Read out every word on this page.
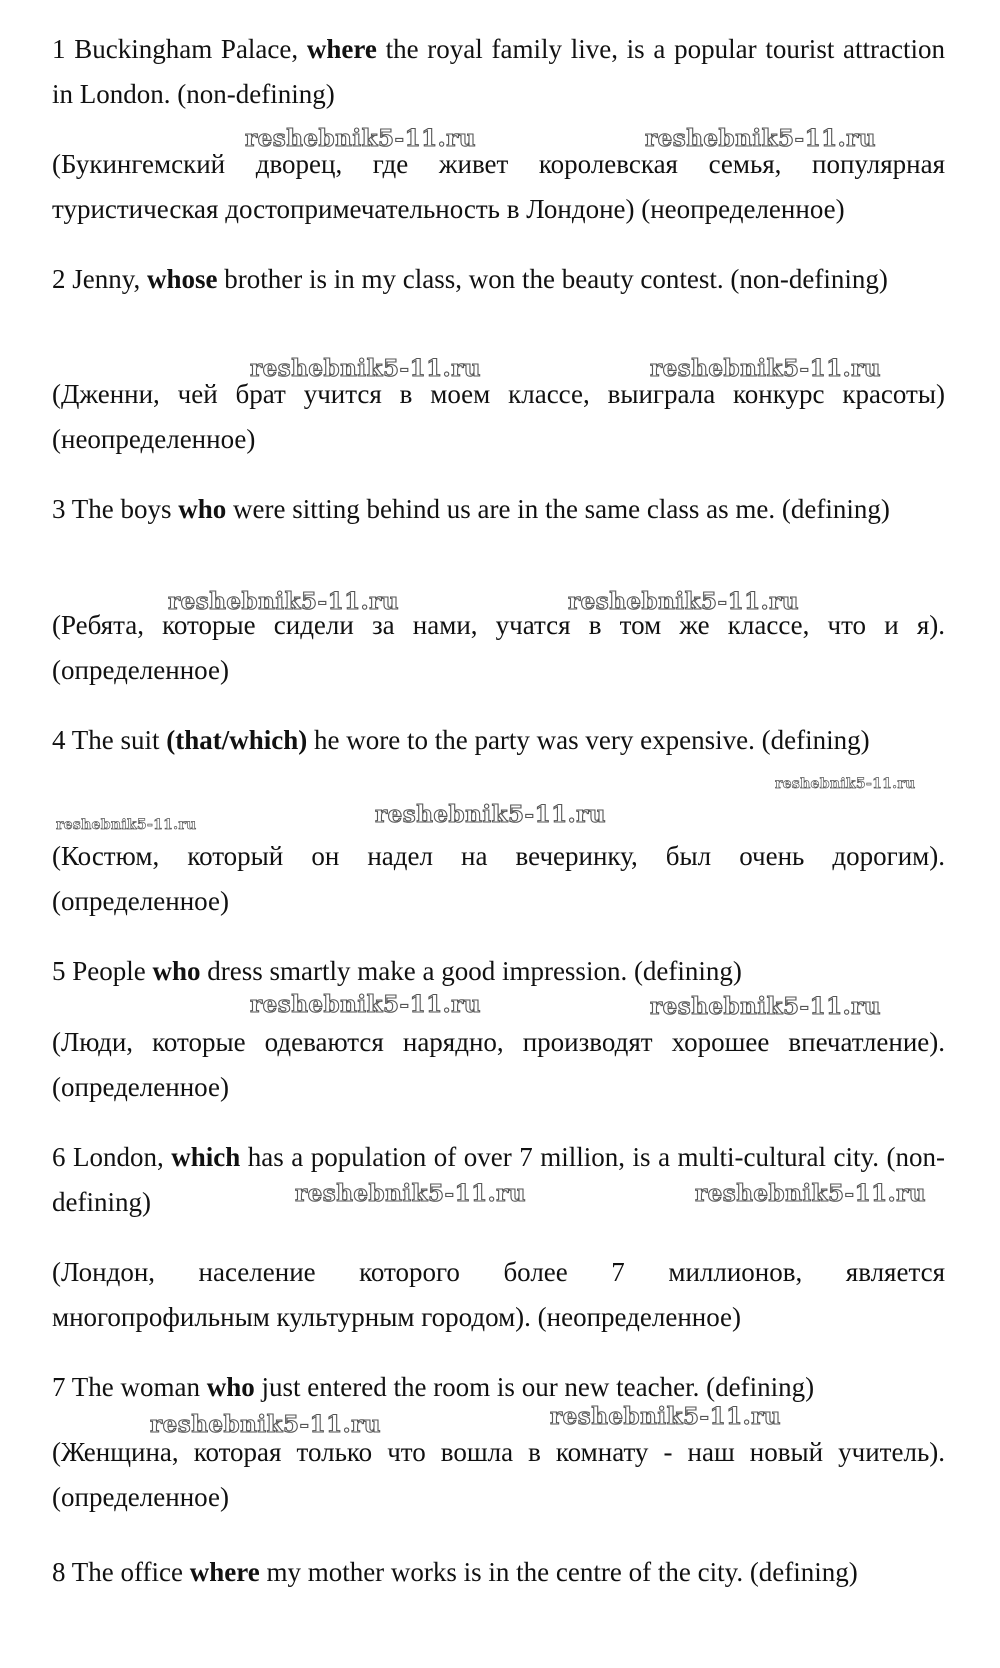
1 Buckingham Palace, where the royal family live, is a popular tourist attraction in London. (non-defining)

reshebnik5-11.ru	reshebnik5-11.ru

(Букингемский дворец, где живет королевская семья, популярная туристическая достопримечательность в Лондоне) (неопределенное)

2 Jenny, whose brother is in my class, won the beauty contest. (non-defining)

reshebnik5-11.ru	reshebnik5-11.ru

(Дженни, чей брат учится в моем классе, выиграла конкурс красоты) (неопределенное)

3 The boys who were sitting behind us are in the same class as me. (defining)

reshebnik5-11.ru	reshebnik5-11.ru

(Ребята, которые сидели за нами, учатся в том же классе, что и я). (определенное)

4 The suit (that/which) he wore to the party was very expensive. (defining)

reshebnik5-11.ru
reshebnik5-11.ru
reshebnik5-11.ru

(Костюм, который он надел на вечеринку, был очень дорогим). (определенное)

5 People who dress smartly make a good impression. (defining)

reshebnik5-11.ru	reshebnik5-11.ru

(Люди, которые одеваются нарядно, производят хорошее впечатление). (определенное)

6 London, which has a population of over 7 million, is a multi-cultural city. (non-defining)	reshebnik5-11.ru	reshebnik5-11.ru

(Лондон, население которого более 7 миллионов, является многопрофильным культурным городом). (неопределенное)

7 The woman who just entered the room is our new teacher. (defining)

reshebnik5-11.ru	reshebnik5-11.ru

(Женщина, которая только что вошла в комнату - наш новый учитель). (определенное)

8 The office where my mother works is in the centre of the city. (defining)
